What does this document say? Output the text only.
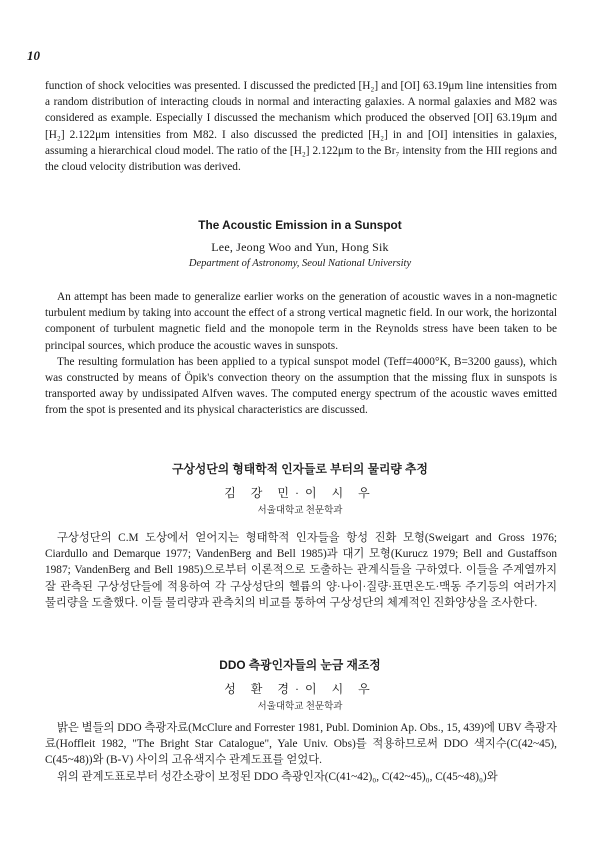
10

function of shock velocities was presented. I discussed the predicted [H₂] and [OI] 63.19μm line intensities from a random distribution of interacting clouds in normal and interacting galaxies. A normal galaxies and M82 was considered as example. Especially I discussed the mechanism which produced the observed [OI] 63.19μm and [H₂] 2.122μm intensities from M82. I also discussed the predicted [H₂] in and [OI] intensities in galaxies, assuming a hierarchical cloud model. The ratio of the [H₂] 2.122μm to the Br₇ intensity from the HII regions and the cloud velocity distribution was derived.

The Acoustic Emission in a Sunspot

Lee, Jeong Woo and Yun, Hong Sik

Department of Astronomy, Seoul National University

An attempt has been made to generalize earlier works on the generation of acoustic waves in a non-magnetic turbulent medium by taking into account the effect of a strong vertical magnetic field. In our work, the horizontal component of turbulent magnetic field and the monopole term in the Reynolds stress have been taken to be principal sources, which produce the acoustic waves in sunspots.

The resulting formulation has been applied to a typical sunspot model (Teff=4000°K, B=3200 gauss), which was constructed by means of Öpik's convection theory on the assumption that the missing flux in sunspots is transported away by undissipated Alfven waves. The computed energy spectrum of the acoustic waves emitted from the spot is presented and its physical characteristics are discussed.

구상성단의 형태학적 인자들로 부터의 물리량 추정

김 강 민·이 시 우

서울대학교 천문학과

구상성단의 C.M 도상에서 얻어지는 형태학적 인자들을 항성 진화 모형(Sweigart and Gross 1976; Ciardullo and Demarque 1977; VandenBerg and Bell 1985)과 대기 모형(Kurucz 1979; Bell and Gustaffson 1987; VandenBerg and Bell 1985)으로부터 이론적으로 도출하는 관계식들을 구하였다. 이들을 주계열까지 잘 관측된 구상성단들에 적용하여 각 구상성단의 헬륨의 양·나이·질량·표면온도·맥동 주기등의 여러가지 물리량을 도출했다. 이들 물리량과 관측치의 비교를 통하여 구상성단의 체계적인 진화양상을 조사한다.

DDO 측광인자들의 눈금 재조정

성 환 경·이 시 우

서울대학교 천문학과

밝은 별들의 DDO 측광자료(McClure and Forrester 1981, Publ. Dominion Ap. Obs., 15, 439)에 UBV 측광자료(Hoffleit 1982, "The Bright Star Catalogue", Yale Univ. Obs)를 적용하므로써 DDO 색지수(C(42~45), C(45~48))와 (B-V) 사이의 고유색지수 관계도표를 얻었다.

위의 관계도표로부터 성간소광이 보정된 DDO 측광인자(C(41~42)₀, C(42~45)₀, C(45~48)₀)와
